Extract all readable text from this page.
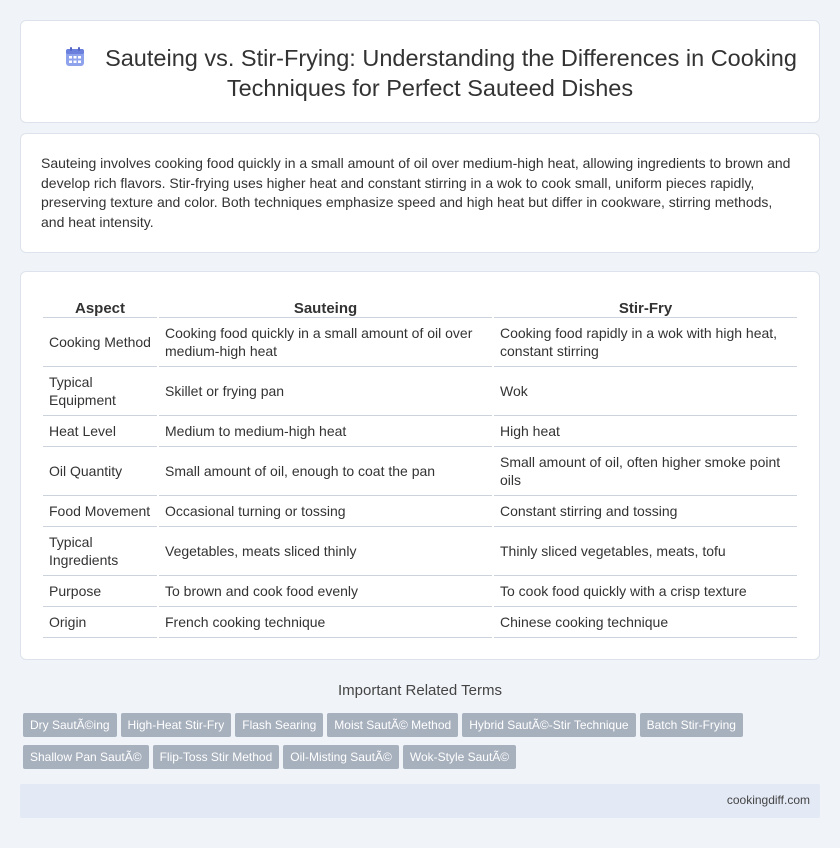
Sauteing vs. Stir-Frying: Understanding the Differences in Cooking Techniques for Perfect Sauteed Dishes

Sauteing involves cooking food quickly in a small amount of oil over medium-high heat, allowing ingredients to brown and develop rich flavors. Stir-frying uses higher heat and constant stirring in a wok to cook small, uniform pieces rapidly, preserving texture and color. Both techniques emphasize speed and high heat but differ in cookware, stirring methods, and heat intensity.

Aspect	Sauteing	Stir-Fry
Cooking Method	Cooking food quickly in a small amount of oil over medium-high heat	Cooking food rapidly in a wok with high heat, constant stirring
Typical Equipment	Skillet or frying pan	Wok
Heat Level	Medium to medium-high heat	High heat
Oil Quantity	Small amount of oil, enough to coat the pan	Small amount of oil, often higher smoke point oils
Food Movement	Occasional turning or tossing	Constant stirring and tossing
Typical Ingredients	Vegetables, meats sliced thinly	Thinly sliced vegetables, meats, tofu
Purpose	To brown and cook food evenly	To cook food quickly with a crisp texture
Origin	French cooking technique	Chinese cooking technique
Important Related Terms
Dry SautÃ©ing High-Heat Stir-Fry Flash Searing Moist SautÃ© Method Hybrid SautÃ©-Stir Technique Batch Stir-Frying
Shallow Pan SautÃ© Flip-Toss Stir Method Oil-Misting SautÃ© Wok-Style SautÃ©
cookingdiff.com
